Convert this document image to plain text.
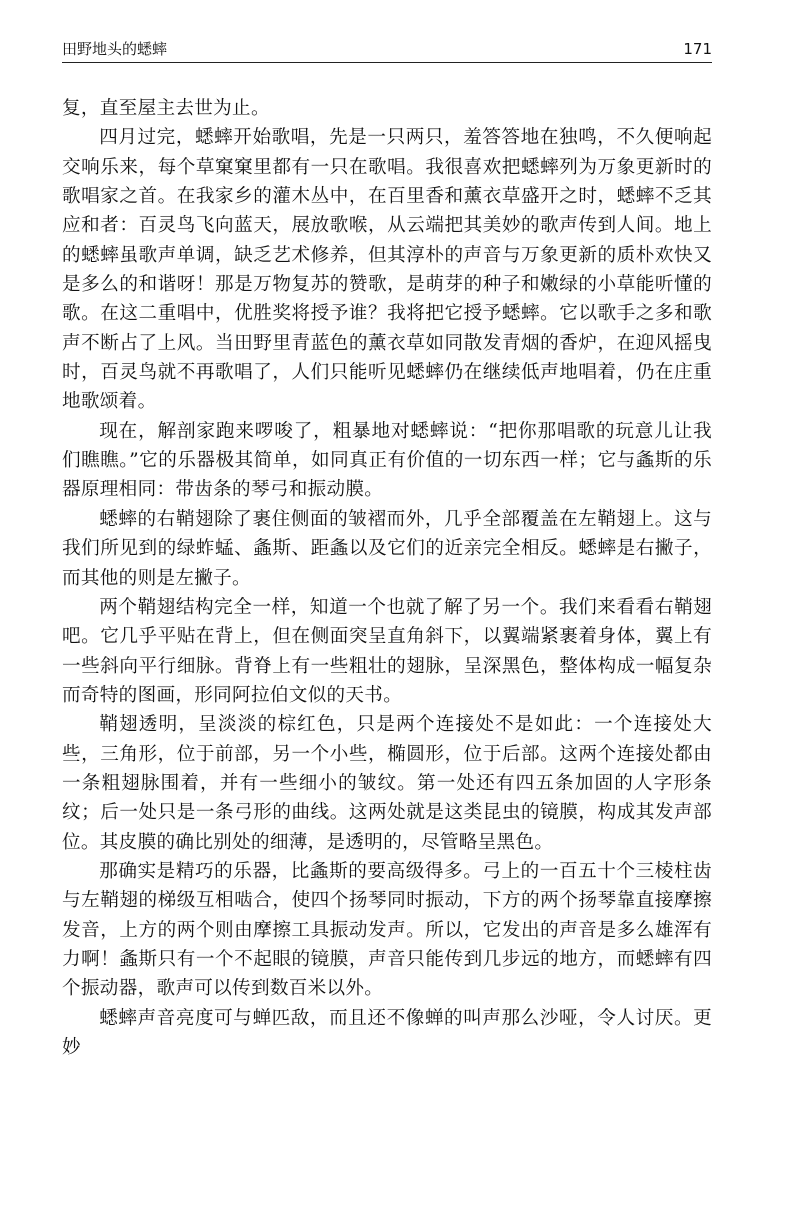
田野地头的蟋蟀	171

复，直至屋主去世为止。

四月过完，蟋蟀开始歌唱，先是一只两只，羞答答地在独鸣，不久便响起交响乐来，每个草窠窠里都有一只在歌唱。我很喜欢把蟋蟀列为万象更新时的歌唱家之首。在我家乡的灌木丛中，在百里香和薰衣草盛开之时，蟋蟀不乏其应和者：百灵鸟飞向蓝天，展放歌喉，从云端把其美妙的歌声传到人间。地上的蟋蟀虽歌声单调，缺乏艺术修养，但其淳朴的声音与万象更新的质朴欢快又是多么的和谐呀！那是万物复苏的赞歌，是萌芽的种子和嫩绿的小草能听懂的歌。在这二重唱中，优胜奖将授予谁？我将把它授予蟋蟀。它以歌手之多和歌声不断占了上风。当田野里青蓝色的薰衣草如同散发青烟的香炉，在迎风摇曳时，百灵鸟就不再歌唱了，人们只能听见蟋蟀仍在继续低声地唱着，仍在庄重地歌颂着。

现在，解剖家跑来啰唆了，粗暴地对蟋蟀说：“把你那唱歌的玩意儿让我们瞧瞧。”它的乐器极其简单，如同真正有价值的一切东西一样；它与螽斯的乐器原理相同：带齿条的琴弓和振动膜。

蟋蟀的右鞘翅除了裹住侧面的皱褶而外，几乎全部覆盖在左鞘翅上。这与我们所见到的绿蚱蜢、螽斯、距螽以及它们的近亲完全相反。蟋蟀是右撇子，而其他的则是左撇子。

两个鞘翅结构完全一样，知道一个也就了解了另一个。我们来看看右鞘翅吧。它几乎平贴在背上，但在侧面突呈直角斜下，以翼端紧裹着身体，翼上有一些斜向平行细脉。背脊上有一些粗壮的翅脉，呈深黑色，整体构成一幅复杂而奇特的图画，形同阿拉伯文似的天书。

鞘翅透明，呈淡淡的棕红色，只是两个连接处不是如此：一个连接处大些，三角形，位于前部，另一个小些，椭圆形，位于后部。这两个连接处都由一条粗翅脉围着，并有一些细小的皱纹。第一处还有四五条加固的人字形条纹；后一处只是一条弓形的曲线。这两处就是这类昆虫的镜膜，构成其发声部位。其皮膜的确比别处的细薄，是透明的，尽管略呈黑色。

那确实是精巧的乐器，比螽斯的要高级得多。弓上的一百五十个三棱柱齿与左鞘翅的梯级互相啮合，使四个扬琴同时振动，下方的两个扬琴靠直接摩擦发音，上方的两个则由摩擦工具振动发声。所以，它发出的声音是多么雄浑有力啊！螽斯只有一个不起眼的镜膜，声音只能传到几步远的地方，而蟋蟀有四个振动器，歌声可以传到数百米以外。

蟋蟀声音亮度可与蝉匹敌，而且还不像蝉的叫声那么沙哑，令人讨厌。更妙
